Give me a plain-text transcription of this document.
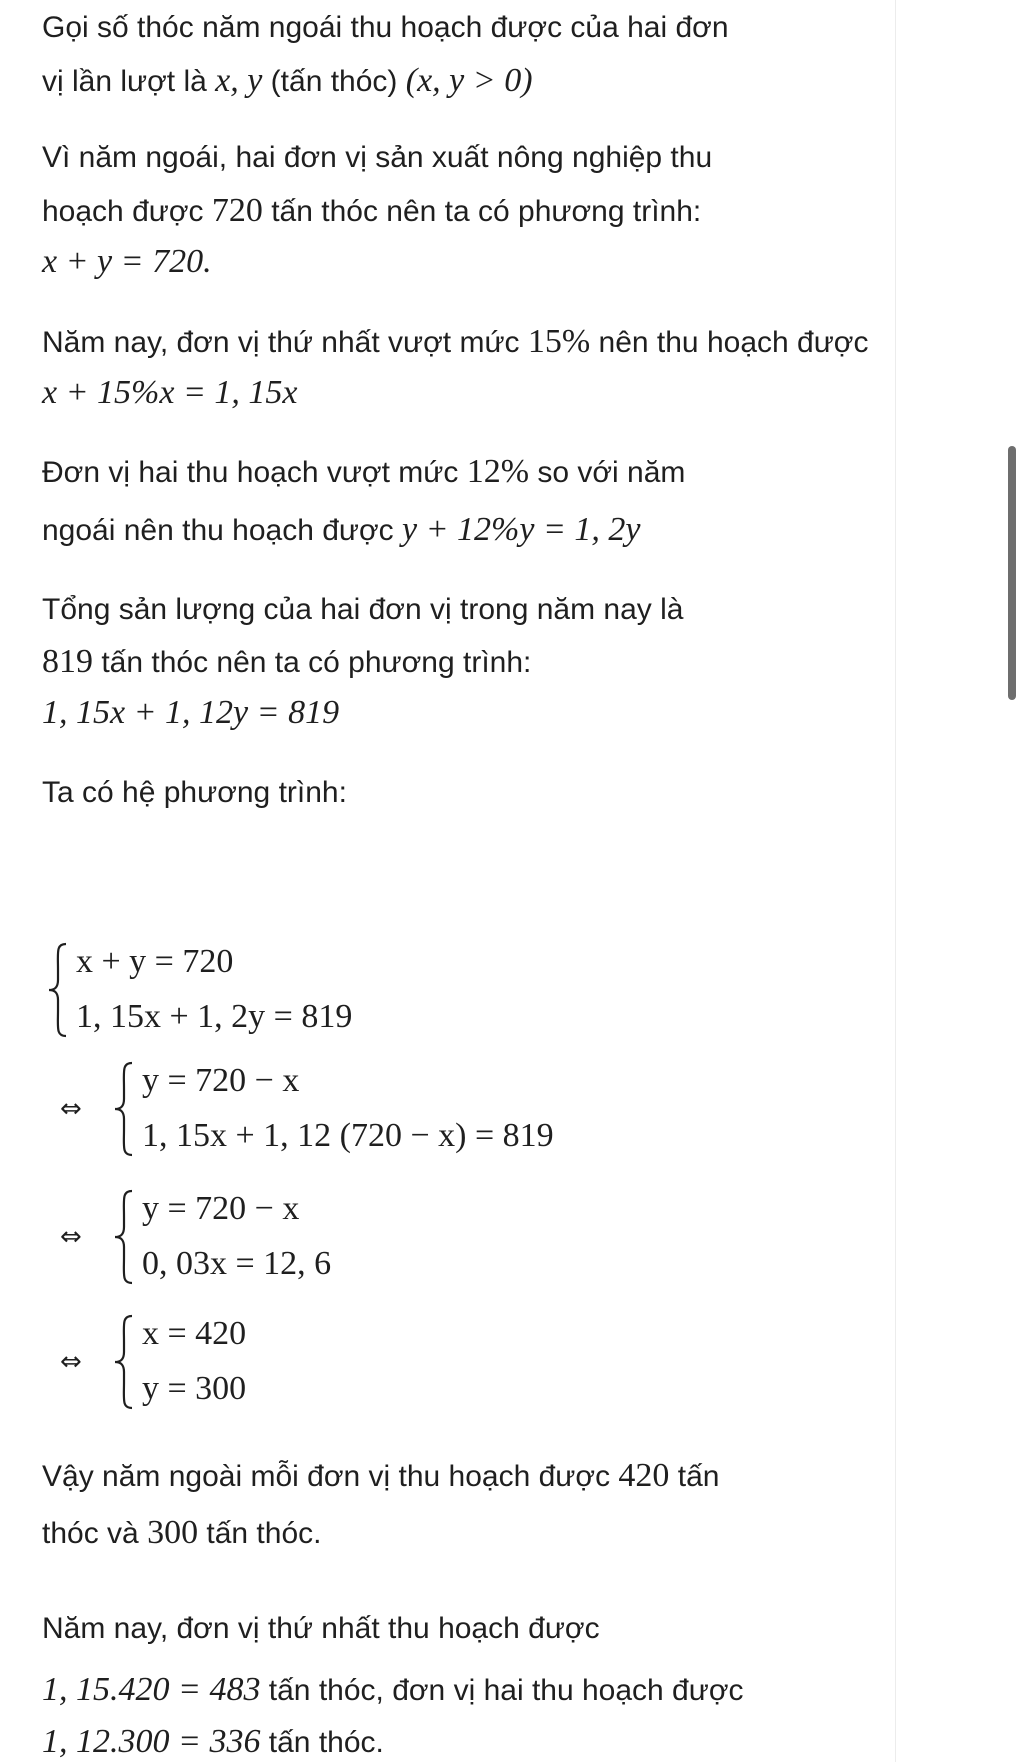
Gọi số thóc năm ngoái thu hoạch được của hai đơn
vị lần lượt là x, y (tấn thóc) (x, y > 0)
Vì năm ngoái, hai đơn vị sản xuất nông nghiệp thu
hoạch được 720 tấn thóc nên ta có phương trình:
x + y = 720.
Năm nay, đơn vị thứ nhất vượt mức 15% nên thu hoạch được
x + 15%x = 1, 15x
Đơn vị hai thu hoạch vượt mức 12% so với năm
ngoái nên thu hoạch được y + 12%y = 1, 2y
Tổng sản lượng của hai đơn vị trong năm nay là
819 tấn thóc nên ta có phương trình:
1, 15x + 1, 12y = 819
Ta có hệ phương trình:
x + y = 720
1, 15x + 1, 2y = 819
⇔
y = 720 − x
1, 15x + 1, 12 (720 − x) = 819
⇔
y = 720 − x
0, 03x = 12, 6
⇔
x = 420
y = 300
Vậy năm ngoài mỗi đơn vị thu hoạch được 420 tấn
thóc và 300 tấn thóc.
Năm nay, đơn vị thứ nhất thu hoạch được
1, 15.420 = 483 tấn thóc, đơn vị hai thu hoạch được
1, 12.300 = 336 tấn thóc.
